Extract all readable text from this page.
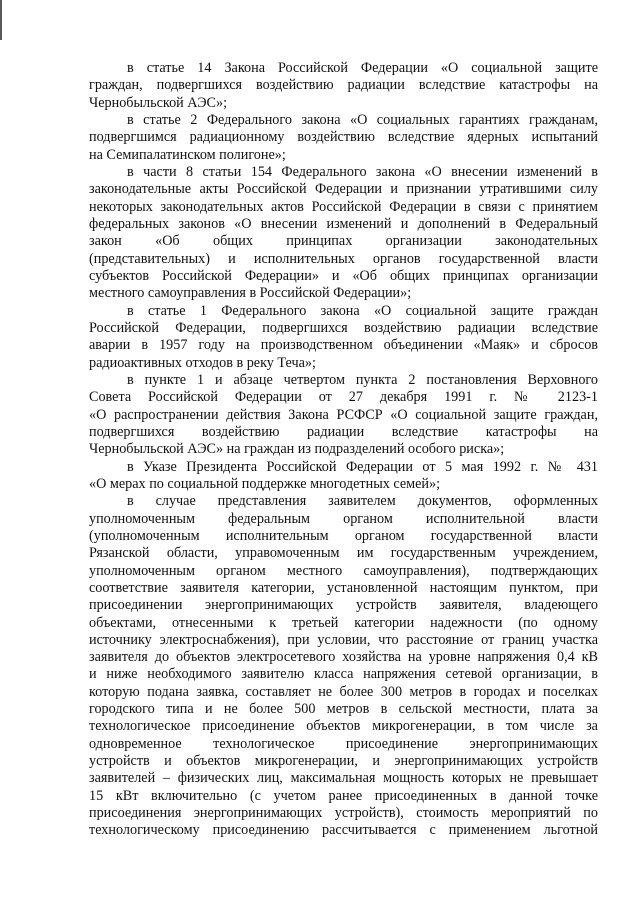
в статье 14 Закона Российской Федерации «О социальной защите
граждан, подвергшихся воздействию радиации вследствие катастрофы на
Чернобыльской АЭС»;
в статье 2 Федерального закона «О социальных гарантиях гражданам,
подвергшимся радиационному воздействию вследствие ядерных испытаний
на Семипалатинском полигоне»;
в части 8 статьи 154 Федерального закона «О внесении изменений в
законодательные акты Российской Федерации и признании утратившими силу
некоторых законодательных актов Российской Федерации в связи с принятием
федеральных законов «О внесении изменений и дополнений в Федеральный
закон «Об общих принципах организации законодательных
(представительных) и исполнительных органов государственной власти
субъектов Российской Федерации» и «Об общих принципах организации
местного самоуправления в Российской Федерации»;
в статье 1 Федерального закона «О социальной защите граждан
Российской Федерации, подвергшихся воздействию радиации вследствие
аварии в 1957 году на производственном объединении «Маяк» и сбросов
радиоактивных отходов в реку Теча»;
в пункте 1 и абзаце четвертом пункта 2 постановления Верховного
Совета Российской Федерации от 27 декабря 1991 г. № 2123-1
«О распространении действия Закона РСФСР «О социальной защите граждан,
подвергшихся воздействию радиации вследствие катастрофы на
Чернобыльской АЭС» на граждан из подразделений особого риска»;
в Указе Президента Российской Федерации от 5 мая 1992 г. № 431
«О мерах по социальной поддержке многодетных семей»;
в случае представления заявителем документов, оформленных
уполномоченным федеральным органом исполнительной власти
(уполномоченным исполнительным органом государственной власти
Рязанской области, управомоченным им государственным учреждением,
уполномоченным органом местного самоуправления), подтверждающих
соответствие заявителя категории, установленной настоящим пунктом, при
присоединении энергопринимающих устройств заявителя, владеющего
объектами, отнесенными к третьей категории надежности (по одному
источнику электроснабжения), при условии, что расстояние от границ участка
заявителя до объектов электросетевого хозяйства на уровне напряжения 0,4 кВ
и ниже необходимого заявителю класса напряжения сетевой организации, в
которую подана заявка, составляет не более 300 метров в городах и поселках
городского типа и не более 500 метров в сельской местности, плата за
технологическое присоединение объектов микрогенерации, в том числе за
одновременное технологическое присоединение энергопринимающих
устройств и объектов микрогенерации, и энергопринимающих устройств
заявителей – физических лиц, максимальная мощность которых не превышает
15 кВт включительно (с учетом ранее присоединенных в данной точке
присоединения энергопринимающих устройств), стоимость мероприятий по
технологическому присоединению рассчитывается с применением льготной
